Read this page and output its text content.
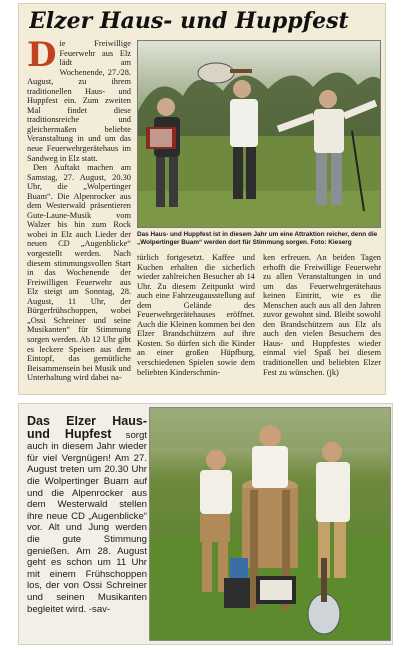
Elzer Haus- und Huppfest

Die Freiwillige Feuerwehr aus Elz lädt am Wochenende, 27./28. August, zu ihrem traditionellen Haus- und Huppfest ein. Zum zweiten Mal findet diese traditionsreiche und gleichermaßen beliebte Veranstaltung in und um das neue Feuerwehrgerätehaus im Sandweg in Elz statt.

Den Auftakt machen am Samstag, 27. August, 20.30 Uhr, die „Wolpertinger Buam“. Die Alpenrocker aus dem Westerwald präsentieren Gute-Laune-Musik vom Walzer bis hin zum Rock wobei in Elz auch Lieder der neuen CD „Augenblicke“ vorgestellt werden. Nach diesem stimmungsvollen Start in das Wochenende der Freiwilligen Feuerwehr aus Elz steigt am Sonntag, 28. August, 11 Uhr, der Bürgerfrühschoppen, wobei „Ossi Schreiner und seine Musikanten“ für Stimmung sorgen werden. Ab 12 Uhr gibt es leckere Speisen aus dem Eintopf, das gemütliche Beisammensein bei Musik und Unterhaltung wird dabei na-

Das Haus- und Huppfest ist in diesem Jahr um eine Attraktion reicher, denn die „Wolpertinger Buam“ werden dort für Stimmung sorgen. Foto: Kieserg
türlich fortgesetzt. Kaffee und Kuchen erhalten die sicherlich wieder zahlreichen Besucher ab 14 Uhr. Zu diesem Zeitpunkt wird auch eine Fahrzeugausstellung auf dem Gelände des Feuerwehrgerätehauses eröffnet. Auch die Kleinen kommen bei den Elzer Brandschützern auf ihre Kosten. So dürfen sich die Kinder an einer großen Hüpfburg, verschiedenen Spielen sowie dem beliebten Kinderschmin-
ken erfreuen. An beiden Tagen erhofft die Freiwillige Feuerwehr zu allen Veranstaltungen in und um das Feuerwehrgerätehaus keinen Eintritt, wie es die Menschen auch aus all den Jahren zuvor gewohnt sind. Bleibt sowohl den Brandschützern aus Elz als auch den vielen Besuchern des Haus- und Huppfestes wieder einmal viel Spaß bei diesem traditionellen und beliebten Elzer Fest zu wünschen. (jk)
Das Elzer Haus- und Hupfest sorgt auch in diesem Jahr wieder für viel Vergnügen! Am 27. August treten um 20.30 Uhr die Wolpertinger Buam auf und die Alpenrocker aus dem Westerwald stellen ihre neue CD „Augenblicke“ vor. Alt und Jung werden die gute Stimmung genießen. Am 28. August geht es schon um 11 Uhr mit einem Frühschoppen los, der von Ossi Schreiner und seinen Musikanten begleitet wird. -sav-
